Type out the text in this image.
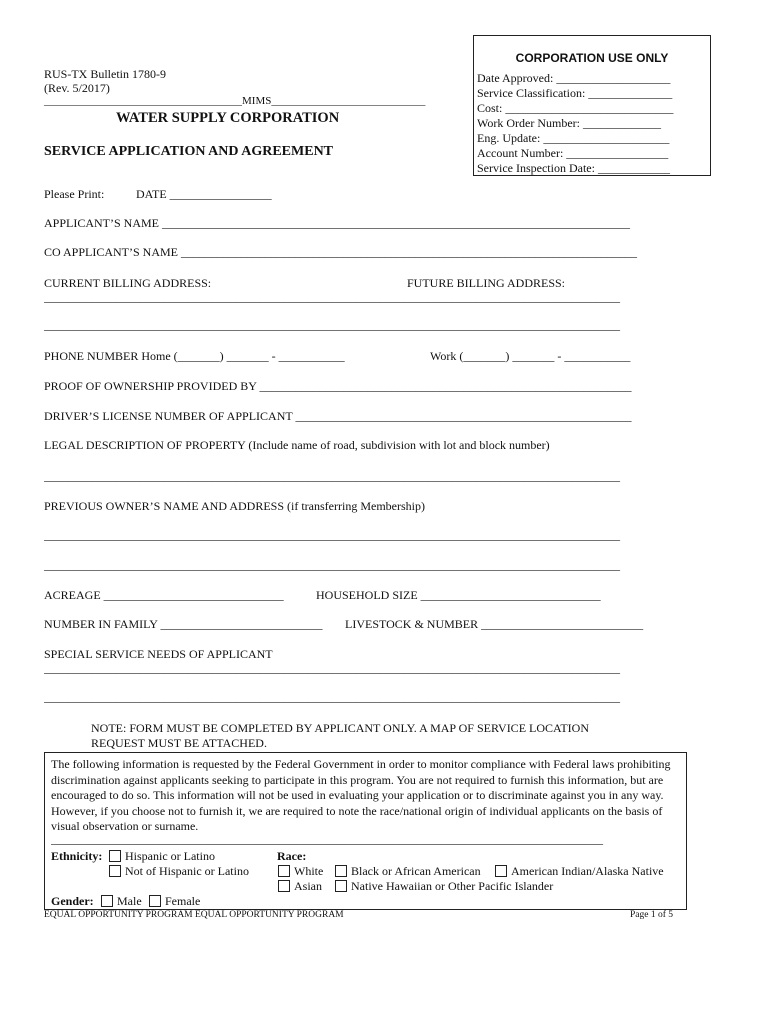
RUS-TX Bulletin 1780-9
(Rev. 5/2017)
____________________________________MIMS____________________________
WATER SUPPLY CORPORATION
SERVICE APPLICATION AND AGREEMENT
CORPORATION USE ONLY
Date Approved: ___________________
Service Classification: ______________
Cost: ____________________________
Work Order Number: _____________
Eng. Update: _____________________
Account Number: _________________
Service Inspection Date: ____________
Please Print:	DATE _________________
APPLICANT’S NAME ______________________________________________________________________________
CO APPLICANT’S NAME ____________________________________________________________________________
CURRENT BILLING ADDRESS:	FUTURE BILLING ADDRESS:
________________________________________________________________________________________________
________________________________________________________________________________________________
PHONE NUMBER Home (_______) _______ - ___________	Work (_______) _______ - ___________
PROOF OF OWNERSHIP PROVIDED BY ______________________________________________________________
DRIVER’S LICENSE NUMBER OF APPLICANT ________________________________________________________
LEGAL DESCRIPTION OF PROPERTY (Include name of road, subdivision with lot and block number)
________________________________________________________________________________________________
PREVIOUS OWNER’S NAME AND ADDRESS (if transferring Membership)
________________________________________________________________________________________________
________________________________________________________________________________________________
ACREAGE ______________________________	HOUSEHOLD SIZE ______________________________
NUMBER IN FAMILY ___________________________ LIVESTOCK & NUMBER ___________________________
SPECIAL SERVICE NEEDS OF APPLICANT
________________________________________________________________________________________________
________________________________________________________________________________________________
NOTE: FORM MUST BE COMPLETED BY APPLICANT ONLY. A MAP OF SERVICE LOCATION
REQUEST MUST BE ATTACHED.
The following information is requested by the Federal Government in order to monitor compliance with Federal laws prohibiting discrimination against applicants seeking to participate in this program. You are not required to furnish this information, but are encouraged to do so. This information will not be used in evaluating your application or to discriminate against you in any way. However, if you choose not to furnish it, we are required to note the race/national origin of individual applicants on the basis of visual observation or surname.
____________________________________________________________________________________________
Ethnicity: Hispanic or Latino
Not of Hispanic or Latino
Race:
White Black or African American	American Indian/Alaska Native
Asian Native Hawaiian or Other Pacific Islander
Gender: Male Female
EQUAL OPPORTUNITY PROGRAM EQUAL OPPORTUNITY PROGRAM	Page 1 of 5
